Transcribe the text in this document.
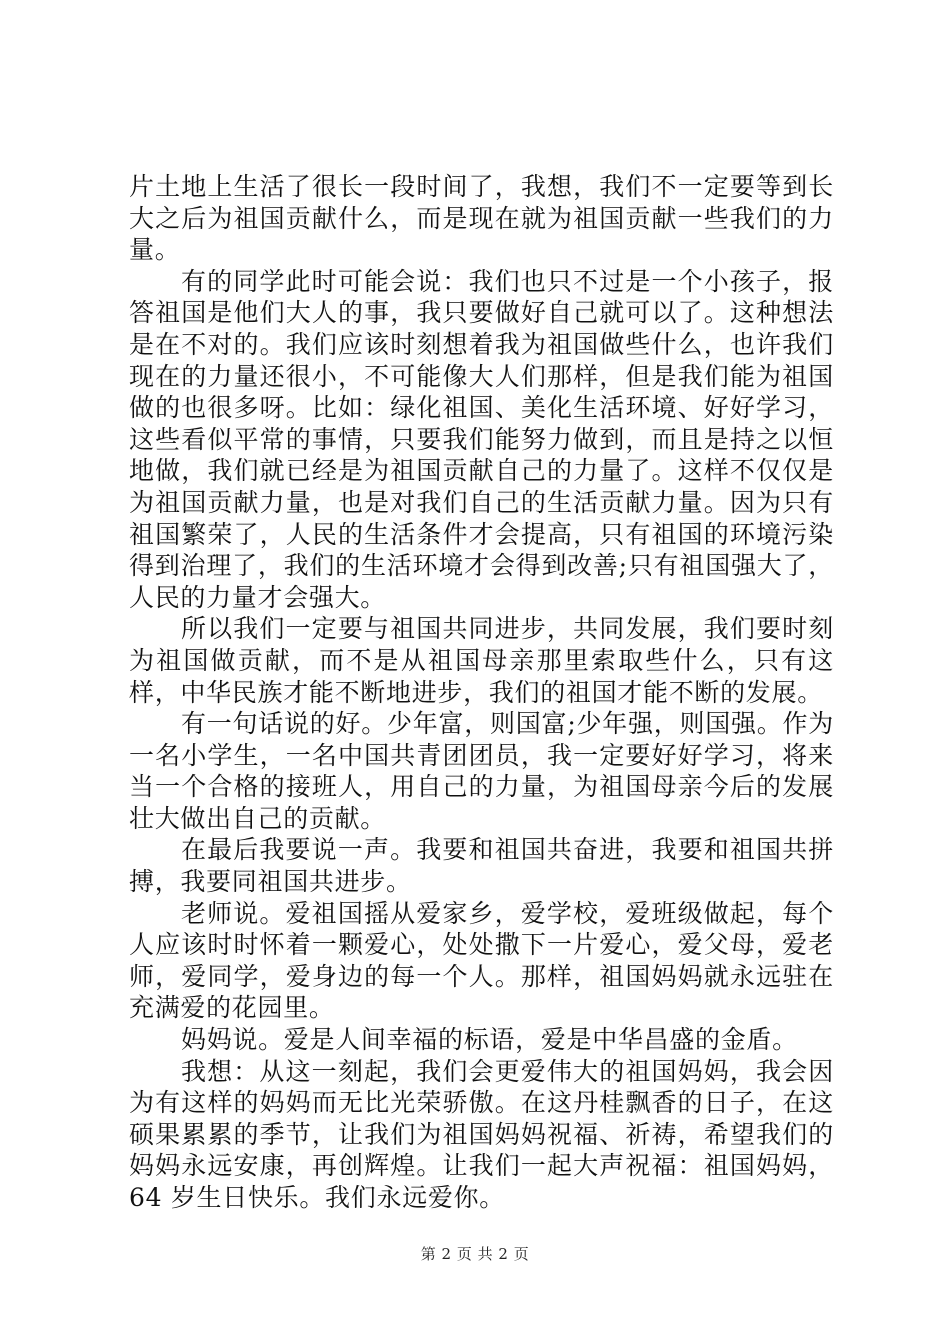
片土地上生活了很长一段时间了，我想，我们不一定要等到长大之后为祖国贡献什么，而是现在就为祖国贡献一些我们的力量。

有的同学此时可能会说：我们也只不过是一个小孩子，报答祖国是他们大人的事，我只要做好自己就可以了。这种想法是在不对的。我们应该时刻想着我为祖国做些什么，也许我们现在的力量还很小，不可能像大人们那样，但是我们能为祖国做的也很多呀。比如：绿化祖国、美化生活环境、好好学习，这些看似平常的事情，只要我们能努力做到，而且是持之以恒地做，我们就已经是为祖国贡献自己的力量了。这样不仅仅是为祖国贡献力量，也是对我们自己的生活贡献力量。因为只有祖国繁荣了，人民的生活条件才会提高，只有祖国的环境污染得到治理了，我们的生活环境才会得到改善;只有祖国强大了，人民的力量才会强大。

所以我们一定要与祖国共同进步，共同发展，我们要时刻为祖国做贡献，而不是从祖国母亲那里索取些什么，只有这样，中华民族才能不断地进步，我们的祖国才能不断的发展。

有一句话说的好。少年富，则国富;少年强，则国强。作为一名小学生，一名中国共青团团员，我一定要好好学习，将来当一个合格的接班人，用自己的力量，为祖国母亲今后的发展壮大做出自己的贡献。

在最后我要说一声。我要和祖国共奋进，我要和祖国共拼搏，我要同祖国共进步。

老师说。爱祖国摇从爱家乡，爱学校，爱班级做起，每个人应该时时怀着一颗爱心，处处撒下一片爱心，爱父母，爱老师，爱同学，爱身边的每一个人。那样，祖国妈妈就永远驻在充满爱的花园里。

妈妈说。爱是人间幸福的标语，爱是中华昌盛的金盾。

我想：从这一刻起，我们会更爱伟大的祖国妈妈，我会因为有这样的妈妈而无比光荣骄傲。在这丹桂飘香的日子，在这硕果累累的季节，让我们为祖国妈妈祝福、祈祷，希望我们的妈妈永远安康，再创辉煌。让我们一起大声祝福：祖国妈妈，64 岁生日快乐。我们永远爱你。

第 2 页 共 2 页
